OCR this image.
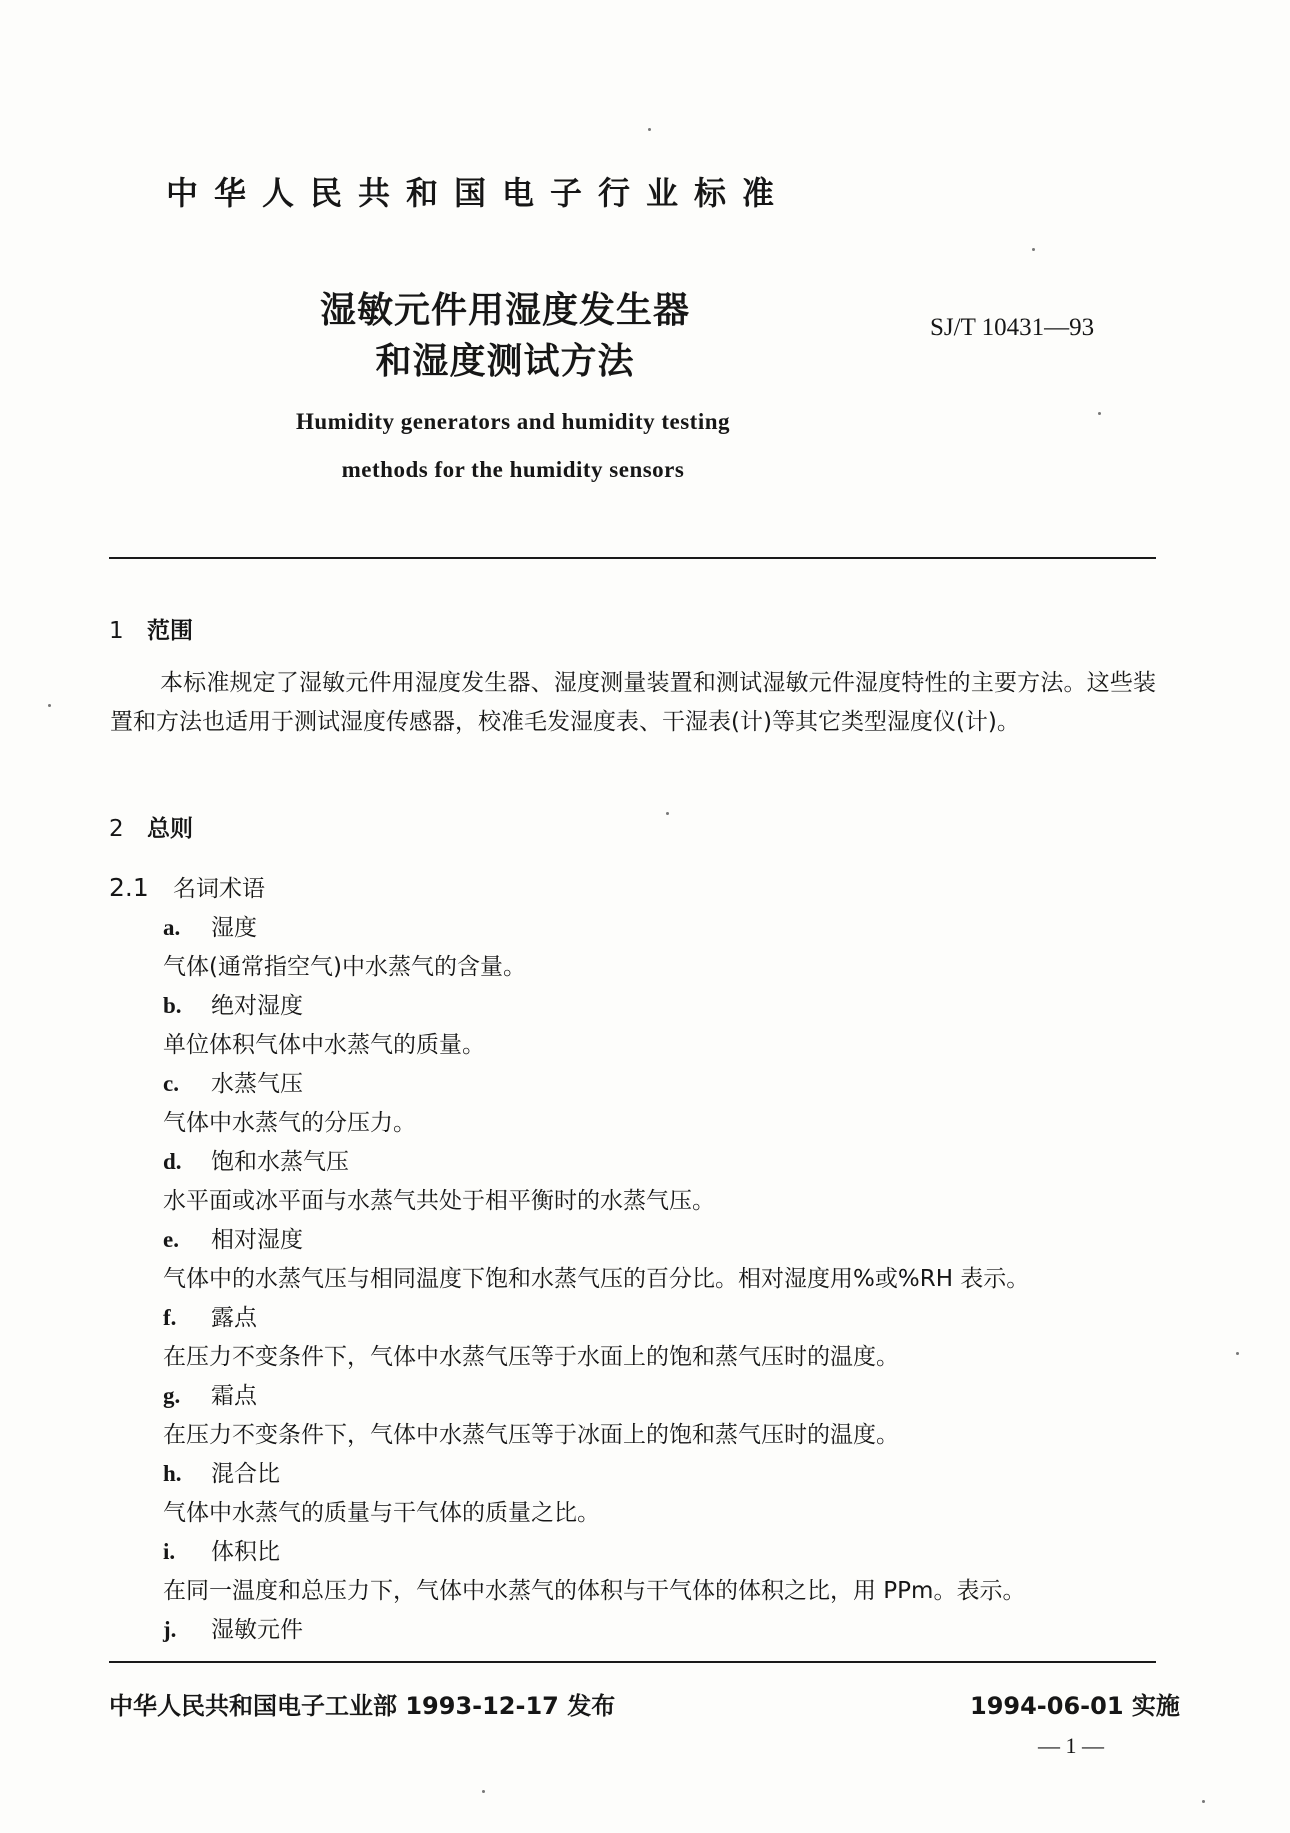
中华人民共和国电子行业标准
湿敏元件用湿度发生器
和湿度测试方法
SJ/T 10431—93
Humidity generators and humidity testing
methods for the humidity sensors
1 范围
本标准规定了湿敏元件用湿度发生器、湿度测量装置和测试湿敏元件湿度特性的主要方法。这些装置和方法也适用于测试湿度传感器，校准毛发湿度表、干湿表(计)等其它类型湿度仪(计)。
2 总则
2.1 名词术语
a. 湿度
气体(通常指空气)中水蒸气的含量。
b. 绝对湿度
单位体积气体中水蒸气的质量。
c. 水蒸气压
气体中水蒸气的分压力。
d. 饱和水蒸气压
水平面或冰平面与水蒸气共处于相平衡时的水蒸气压。
e. 相对湿度
气体中的水蒸气压与相同温度下饱和水蒸气压的百分比。相对湿度用%或%RH 表示。
f. 露点
在压力不变条件下，气体中水蒸气压等于水面上的饱和蒸气压时的温度。
g. 霜点
在压力不变条件下，气体中水蒸气压等于冰面上的饱和蒸气压时的温度。
h. 混合比
气体中水蒸气的质量与干气体的质量之比。
i. 体积比
在同一温度和总压力下，气体中水蒸气的体积与干气体的体积之比，用 PPm。表示。
j. 湿敏元件
中华人民共和国电子工业部 1993-12-17 发布	1994-06-01 实施
— 1 —
